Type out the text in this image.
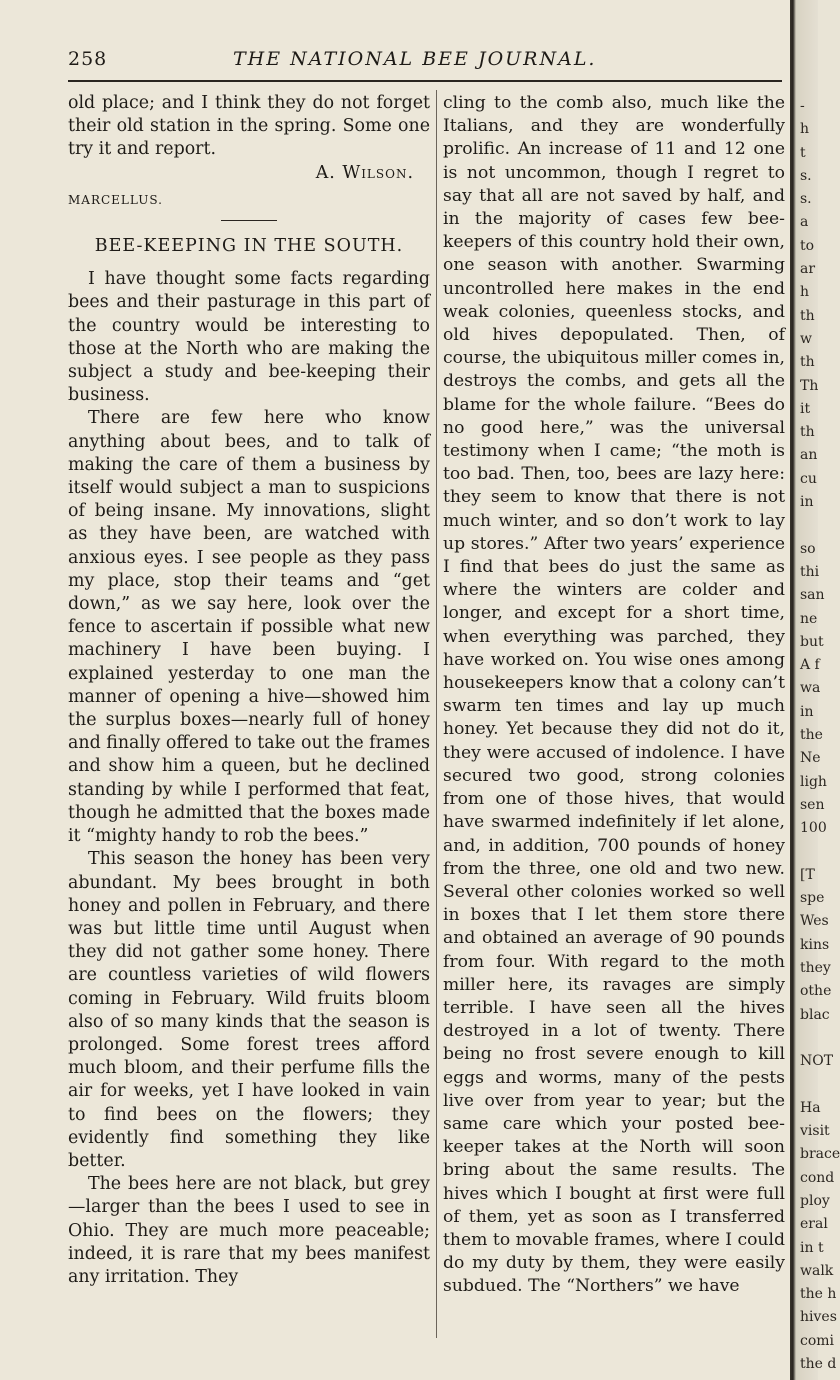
258	THE NATIONAL BEE JOURNAL.

old place; and I think they do not forget their old station in the spring. Some one try it and report.

A. Wilson.

MARCELLUS.

BEE-KEEPING IN THE SOUTH.

I have thought some facts regarding bees and their pasturage in this part of the country would be interesting to those at the North who are making the subject a study and bee-keeping their business.

There are few here who know anything about bees, and to talk of making the care of them a business by itself would subject a man to suspicions of being insane. My innovations, slight as they have been, are watched with anxious eyes. I see people as they pass my place, stop their teams and “get down,” as we say here, look over the fence to ascertain if possible what new machinery I have been buying. I explained yesterday to one man the manner of opening a hive—showed him the surplus boxes—nearly full of honey and finally offered to take out the frames and show him a queen, but he declined standing by while I performed that feat, though he admitted that the boxes made it “mighty handy to rob the bees.”

This season the honey has been very abundant. My bees brought in both honey and pollen in February, and there was but little time until August when they did not gather some honey. There are countless varieties of wild flowers coming in February. Wild fruits bloom also of so many kinds that the season is prolonged. Some forest trees afford much bloom, and their perfume fills the air for weeks, yet I have looked in vain to find bees on the flowers; they evidently find something they like better.

The bees here are not black, but grey—larger than the bees I used to see in Ohio. They are much more peaceable; indeed, it is rare that my bees manifest any irritation. They

cling to the comb also, much like the Italians, and they are wonderfully prolific. An increase of 11 and 12 one is not uncommon, though I regret to say that all are not saved by half, and in the majority of cases few bee-keepers of this country hold their own, one season with another. Swarming uncontrolled here makes in the end weak colonies, queenless stocks, and old hives depopulated. Then, of course, the ubiquitous miller comes in, destroys the combs, and gets all the blame for the whole failure. “Bees do no good here,” was the universal testimony when I came; “the moth is too bad. Then, too, bees are lazy here: they seem to know that there is not much winter, and so don’t work to lay up stores.” After two years’ experience I find that bees do just the same as where the winters are colder and longer, and except for a short time, when everything was parched, they have worked on. You wise ones among housekeepers know that a colony can’t swarm ten times and lay up much honey. Yet because they did not do it, they were accused of indolence. I have secured two good, strong colonies from one of those hives, that would have swarmed indefinitely if let alone, and, in addition, 700 pounds of honey from the three, one old and two new. Several other colonies worked so well in boxes that I let them store there and obtained an average of 90 pounds from four. With regard to the moth miller here, its ravages are simply terrible. I have seen all the hives destroyed in a lot of twenty. There being no frost severe enough to kill eggs and worms, many of the pests live over from year to year; but the same care which your posted bee-keeper takes at the North will soon bring about the same results. The hives which I bought at first were full of them, yet as soon as I transferred them to movable frames, where I could do my duty by them, they were easily subdued. The “Northers” we have

-
h
t
s.
s.
a
to
ar
h
th
w
th
Th
it
th
an
cu
in
so
thi
san
ne
but
A f
wa
in
the
Ne
ligh
sen
100
[T
spe
Wes
kins
they
othe
blac
NOT
Ha
visit
brace
cond
ploy
eral
in t
walk
the h
hives
comi
the d
